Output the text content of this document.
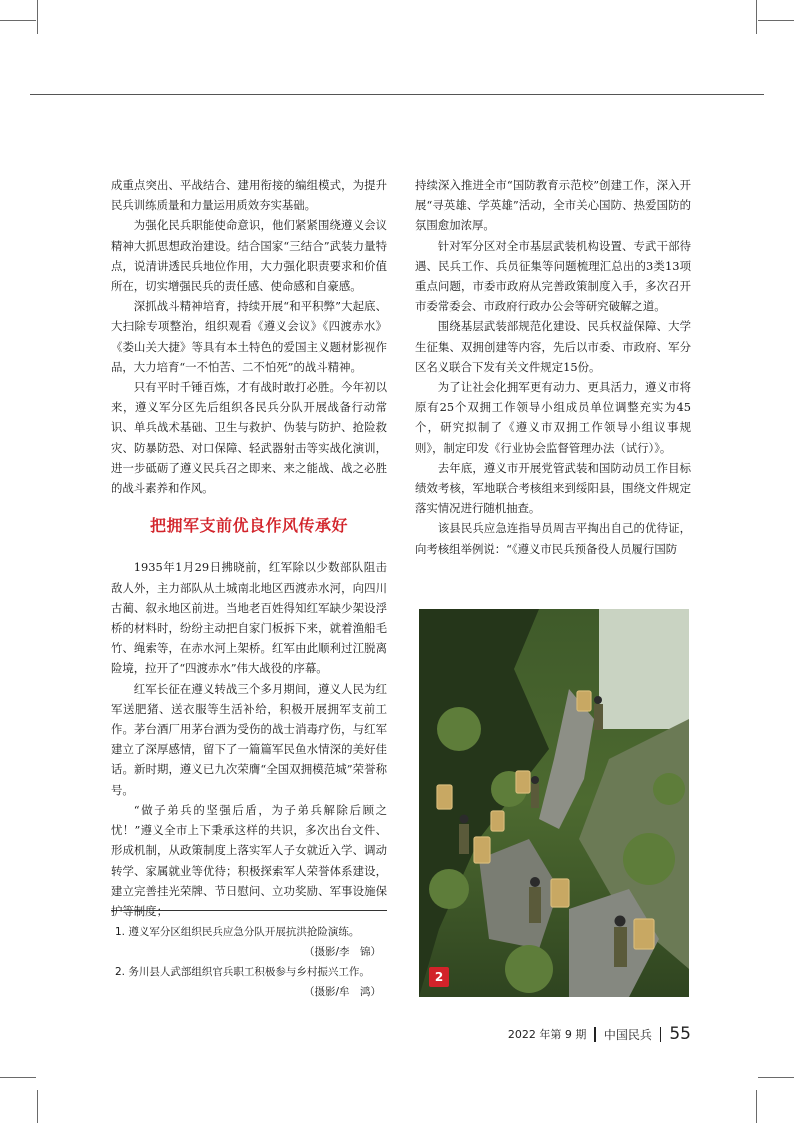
成重点突出、平战结合、建用衔接的编组模式，为提升民兵训练质量和力量运用质效夯实基础。

为强化民兵职能使命意识，他们紧紧围绕遵义会议精神大抓思想政治建设。结合国家“三结合”武装力量特点，说清讲透民兵地位作用，大力强化职责要求和价值所在，切实增强民兵的责任感、使命感和自豪感。

深抓战斗精神培育，持续开展“和平积弊”大起底、大扫除专项整治，组织观看《遵义会议》《四渡赤水》《娄山关大捷》等具有本土特色的爱国主义题材影视作品，大力培育“一不怕苦、二不怕死”的战斗精神。

只有平时千锤百炼，才有战时敢打必胜。今年初以来，遵义军分区先后组织各民兵分队开展战备行动常识、单兵战术基础、卫生与救护、伪装与防护、抢险救灾、防暴防恐、对口保障、轻武器射击等实战化演训，进一步砥砺了遵义民兵召之即来、来之能战、战之必胜的战斗素养和作风。

把拥军支前优良作风传承好

1935年1月29日拂晓前，红军除以少数部队阻击敌人外，主力部队从土城南北地区西渡赤水河，向四川古蔺、叙永地区前进。当地老百姓得知红军缺少架设浮桥的材料时，纷纷主动把自家门板拆下来，就着渔船毛竹、绳索等，在赤水河上架桥。红军由此顺利过江脱离险境，拉开了“四渡赤水”伟大战役的序幕。

红军长征在遵义转战三个多月期间，遵义人民为红军送肥猪、送衣服等生活补给，积极开展拥军支前工作。茅台酒厂用茅台酒为受伤的战士消毒疗伤，与红军建立了深厚感情，留下了一篇篇军民鱼水情深的美好佳话。新时期，遵义已九次荣膺“全国双拥模范城”荣誉称号。

“做子弟兵的坚强后盾，为子弟兵解除后顾之忧！”遵义全市上下秉承这样的共识，多次出台文件、形成机制，从政策制度上落实军人子女就近入学、调动转学、家属就业等优待；积极探索军人荣誉体系建设，建立完善挂光荣牌、节日慰问、立功奖励、军事设施保

持续深入推进全市“国防教育示范校”创建工作，深入开展“寻英雄、学英雄”活动，全市关心国防、热爱国防的氛围愈加浓厚。

针对军分区对全市基层武装机构设置、专武干部待遇、民兵工作、兵员征集等问题梳理汇总出的3类13项重点问题，市委市政府从完善政策制度入手，多次召开市委常委会、市政府行政办公会等研究破解之道。

围绕基层武装部规范化建设、民兵权益保障、大学生征集、双拥创建等内容，先后以市委、市政府、军分区名义联合下发有关文件规定15份。

为了让社会化拥军更有动力、更具活力，遵义市将原有25个双拥工作领导小组成员单位调整充实为45个，研究拟制了《遵义市双拥工作领导小组议事规则》，制定印发《行业协会监督管理办法（试行）》。

去年底，遵义市开展党管武装和国防动员工作目标绩效考核，军地联合考核组来到绥阳县，围绕文件规定落实情况进行随机抽查。

该县民兵应急连指导员周吉平掏出自己的优待证，向考核组举例说：“《遵义市民兵预备役人员履行国防

1. 遵义军分区组织民兵应急分队开展抗洪抢险演练。

（摄影/李　锦）

2. 务川县人武部组织官兵职工积极参与乡村振兴工作。

（摄影/牟　鸿）

2
2022 年第 9 期 中国民兵 55
